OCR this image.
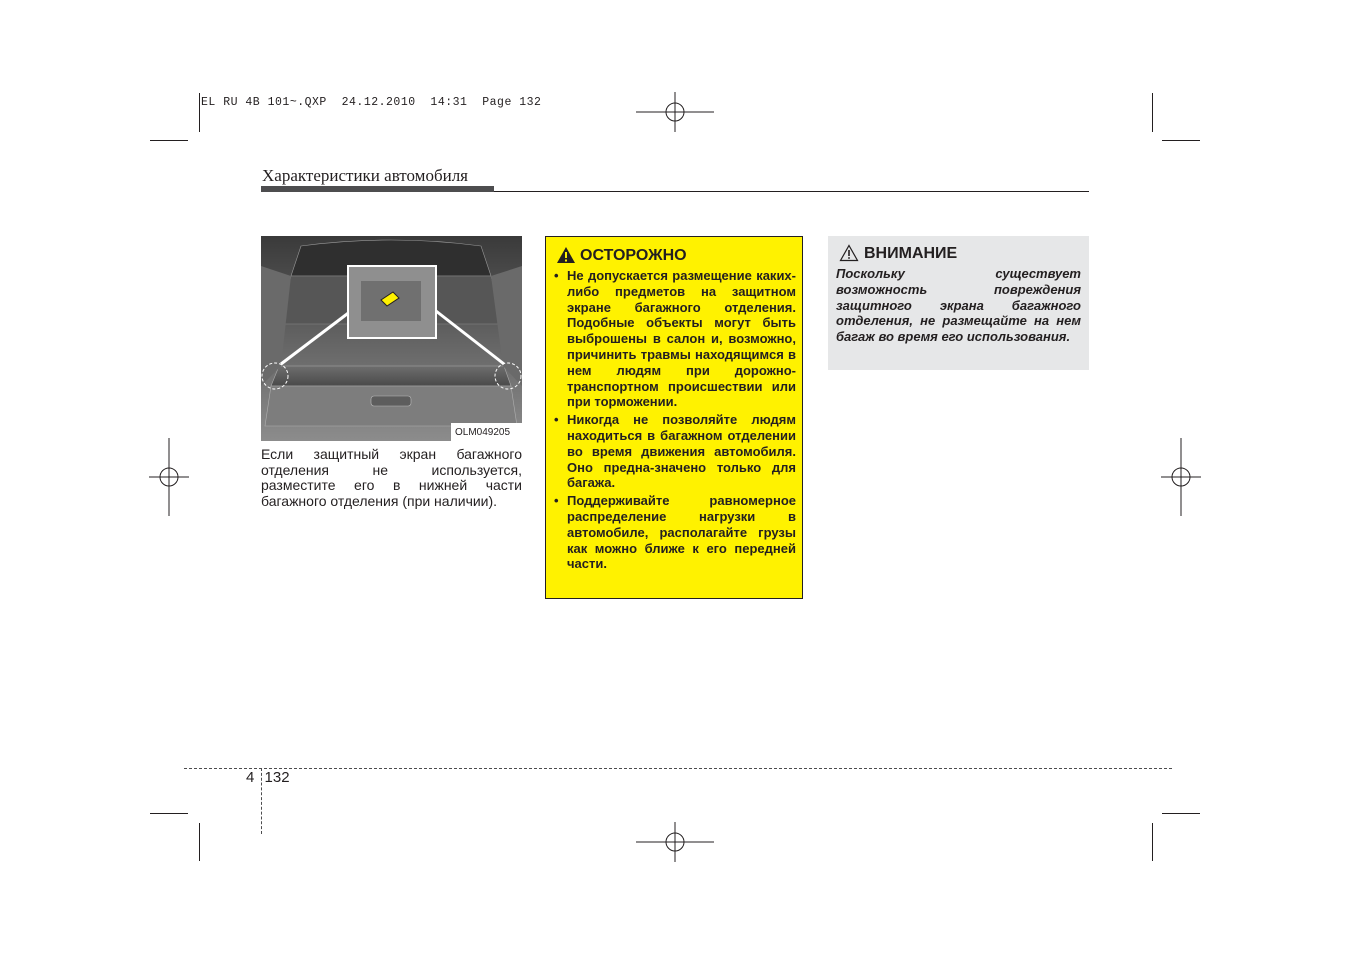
EL RU 4B 101~.QXP  24.12.2010  14:31  Page 132
Характеристики автомобиля
OLM049205
Если защитный экран багажного
отделения не используется,
разместите его в нижней части
багажного отделения (при наличии).
ОСТОРОЖНО
• Не допускается размещение каких-либо предметов на защитном экране багажного отделения. Подобные объекты могут быть выброшены в салон и, возможно, причинить травмы находящимся в нем людям при дорожно-транспортном происшествии или при торможении.
• Никогда не позволяйте людям находиться в багажном отделении во время движения автомобиля. Оно предна-значено только для багажа.
• Поддерживайте равномерное распределение нагрузки в автомобиле, располагайте грузы как можно ближе к его передней части.
ВНИМАНИЕ
Поскольку существует возможность повреждения защитного экрана багажного отделения, не размещайте на нем багаж во время его использования.
4 132
